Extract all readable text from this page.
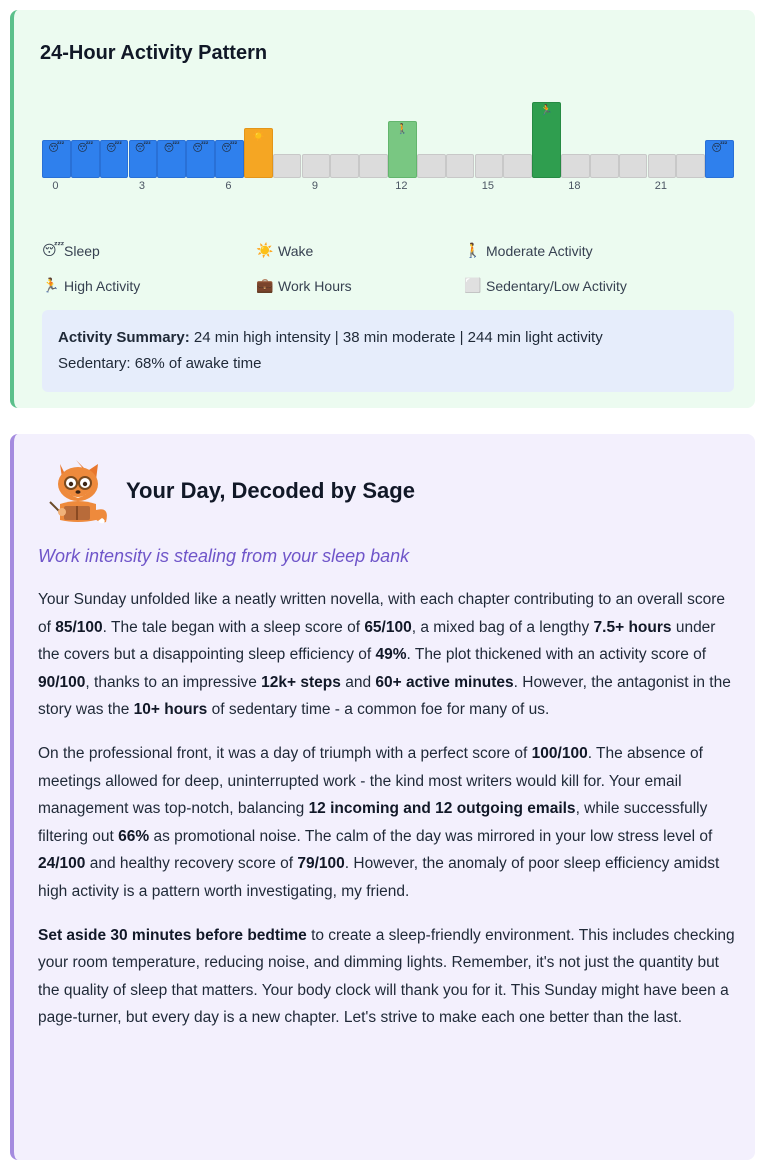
24-Hour Activity Pattern
😴 😴 😴 😴 😴 😴 😴
☀️
🚶
🏃
😴
0	3	6	9	12	15	18	21
😴 Sleep	☀️ Wake	🚶 Moderate Activity
🏃 High Activity	💼 Work Hours	⬜ Sedentary/Low Activity
Activity Summary: 24 min high intensity | 38 min moderate | 244 min light activity
Sedentary: 68% of awake time
Your Day, Decoded by Sage
Work intensity is stealing from your sleep bank

Your Sunday unfolded like a neatly written novella, with each chapter contributing to an overall score of 85/100. The tale began with a sleep score of 65/100, a mixed bag of a lengthy 7.5+ hours under the covers but a disappointing sleep efficiency of 49%. The plot thickened with an activity score of 90/100, thanks to an impressive 12k+ steps and 60+ active minutes. However, the antagonist in the story was the 10+ hours of sedentary time - a common foe for many of us.

On the professional front, it was a day of triumph with a perfect score of 100/100. The absence of meetings allowed for deep, uninterrupted work - the kind most writers would kill for. Your email management was top-notch, balancing 12 incoming and 12 outgoing emails, while successfully filtering out 66% as promotional noise. The calm of the day was mirrored in your low stress level of 24/100 and healthy recovery score of 79/100. However, the anomaly of poor sleep efficiency amidst high activity is a pattern worth investigating, my friend.

Set aside 30 minutes before bedtime to create a sleep-friendly environment. This includes checking your room temperature, reducing noise, and dimming lights. Remember, it's not just the quantity but the quality of sleep that matters. Your body clock will thank you for it. This Sunday might have been a page-turner, but every day is a new chapter. Let's strive to make each one better than the last.
